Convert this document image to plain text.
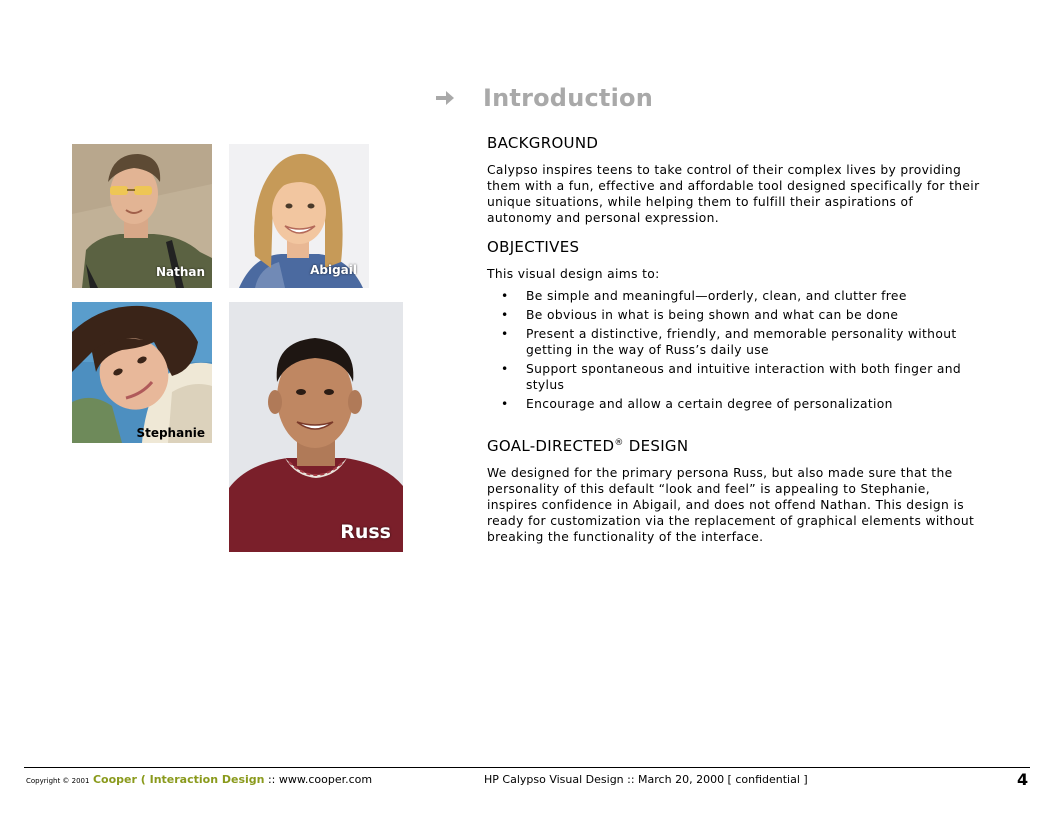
Introduction
Nathan	Abigail
Stephanie
Russ
BACKGROUND

Calypso inspires teens to take control of their complex lives by providing them with a fun, effective and affordable tool designed specifically for their unique situations, while helping them to fulfill their aspirations of autonomy and personal expression.

OBJECTIVES

This visual design aims to:

• Be simple and meaningful—orderly, clean, and clutter free
• Be obvious in what is being shown and what can be done
• Present a distinctive, friendly, and memorable personality without getting in the way of Russ’s daily use
• Support spontaneous and intuitive interaction with both finger and stylus
• Encourage and allow a certain degree of personalization
GOAL-DIRECTED® DESIGN

We designed for the primary persona Russ, but also made sure that the personality of this default “look and feel” is appealing to Stephanie, inspires confidence in Abigail, and does not offend Nathan. This design is ready for customization via the replacement of graphical elements without breaking the functionality of the interface.

Copyright © 2001 Cooper ( Interaction Design :: www.cooper.com	HP Calypso Visual Design :: March 20, 2000 [ confidential ]	4
